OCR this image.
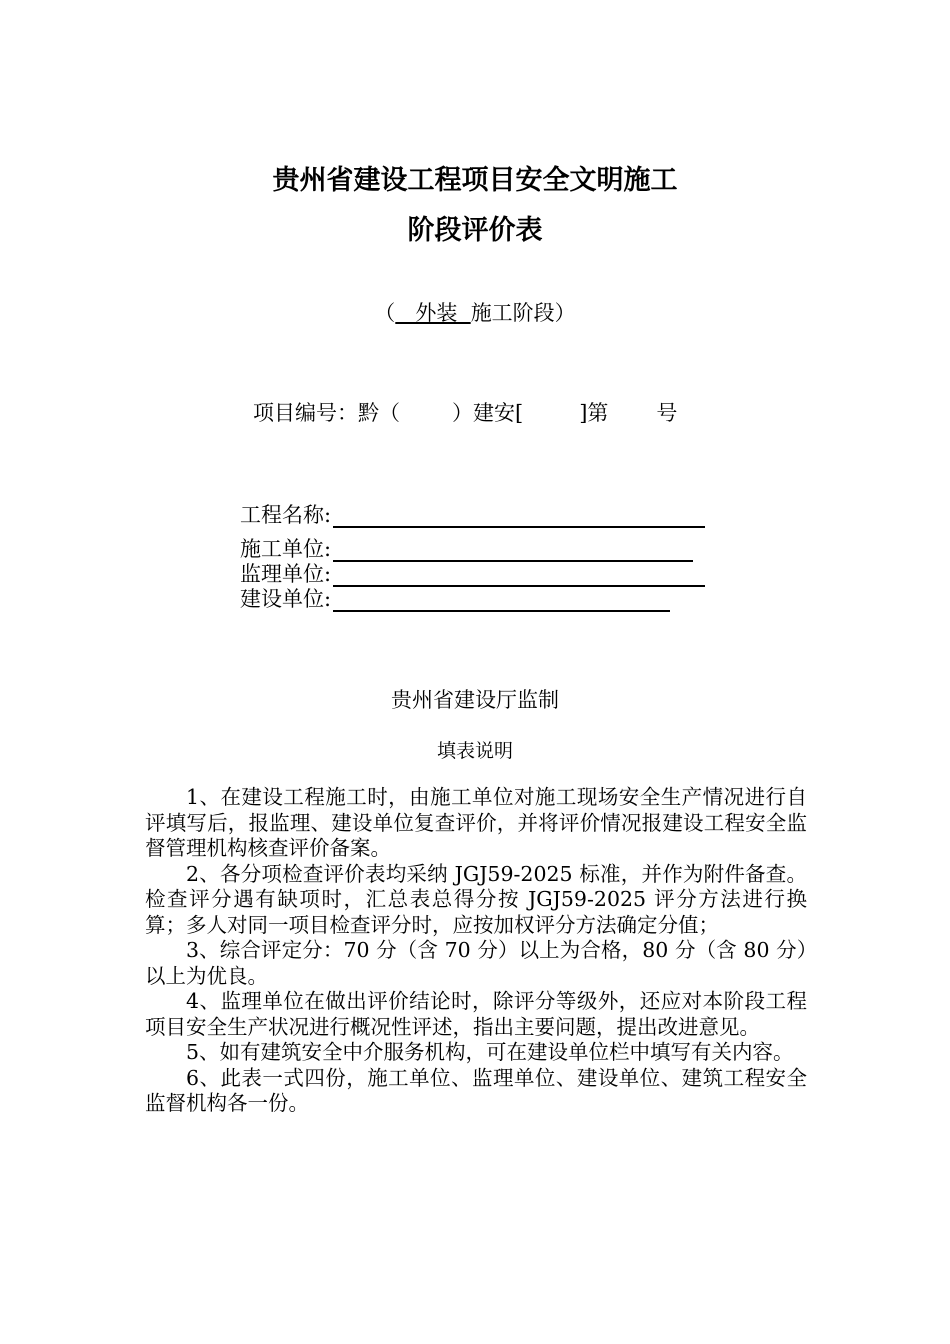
贵州省建设工程项目安全文明施工
阶段评价表
（   外装  施工阶段）
项目编号：黔（ ）建安[	]第 号
工程名称:
施工单位:
监理单位:
建设单位:
贵州省建设厅监制
填表说明

1、在建设工程施工时，由施工单位对施工现场安全生产情况进行自评填写后，报监理、建设单位复查评价，并将评价情况报建设工程安全监督管理机构核查评价备案。

2、各分项检查评价表均采纳 JGJ59-2025 标准，并作为附件备查。检查评分遇有缺项时，汇总表总得分按 JGJ59-2025 评分方法进行换算；多人对同一项目检查评分时，应按加权评分方法确定分值；

3、综合评定分：70 分（含 70 分）以上为合格，80 分（含 80 分）以上为优良。

4、监理单位在做出评价结论时，除评分等级外，还应对本阶段工程项目安全生产状况进行概况性评述，指出主要问题，提出改进意见。

5、如有建筑安全中介服务机构，可在建设单位栏中填写有关内容。

6、此表一式四份，施工单位、监理单位、建设单位、建筑工程安全监督机构各一份。
